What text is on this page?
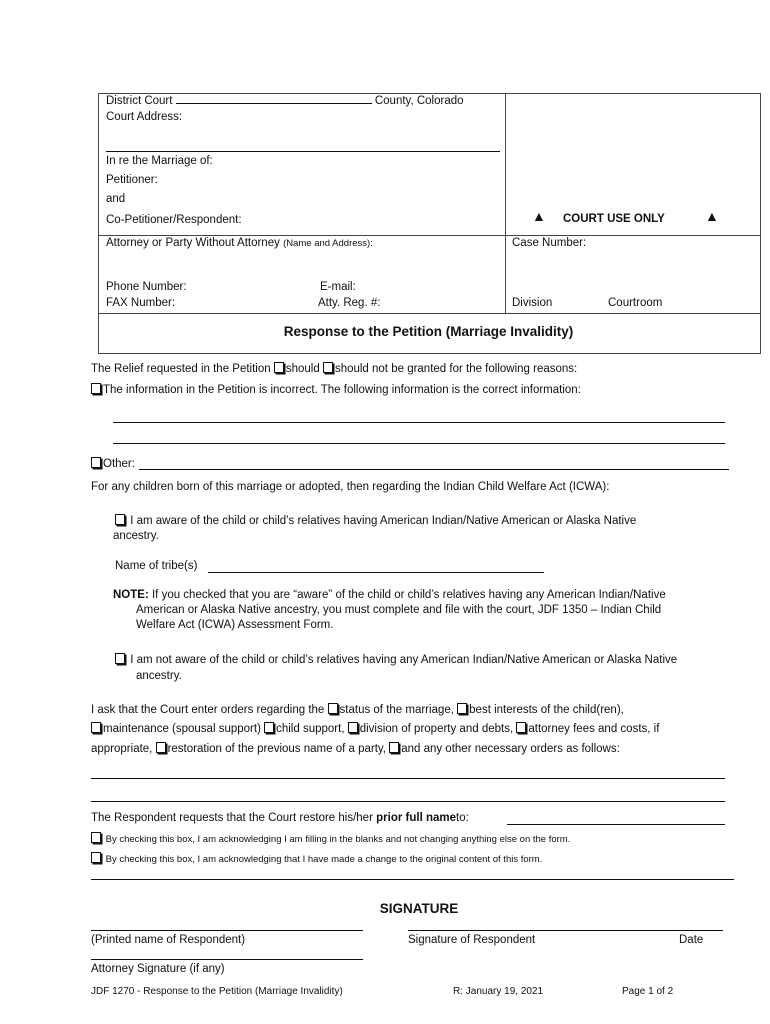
District Court	County, Colorado
Court Address:
In re the Marriage of:
Petitioner:
and
Co-Petitioner/Respondent:	▲ COURT USE ONLY	▲
Attorney or Party Without Attorney (Name and Address):	Case Number:
Phone Number:	E-mail:
FAX Number:	Atty. Reg. #:	Division	Courtroom
Response to the Petition (Marriage Invalidity)
The Relief requested in the Petition should should not be granted for the following reasons:
The information in the Petition is incorrect. The following information is the correct information:
Other:
For any children born of this marriage or adopted, then regarding the Indian Child Welfare Act (ICWA):
I am aware of the child or child’s relatives having American Indian/Native American or Alaska Native
ancestry.
Name of tribe(s)
NOTE: If you checked that you are “aware” of the child or child’s relatives having any American Indian/Native
American or Alaska Native ancestry, you must complete and file with the court, JDF 1350 – Indian Child
Welfare Act (ICWA) Assessment Form.
I am not aware of the child or child’s relatives having any American Indian/Native American or Alaska Native
ancestry.
I ask that the Court enter orders regarding the status of the marriage, best interests of the child(ren),
maintenance (spousal support) child support, division of property and debts, attorney fees and costs, if
appropriate, restoration of the previous name of a party, and any other necessary orders as follows:
The Respondent requests that the Court restore his/her prior full nameto:
By checking this box, I am acknowledging I am filling in the blanks and not changing anything else on the form.
By checking this box, I am acknowledging that I have made a change to the original content of this form.
SIGNATURE
(Printed name of Respondent)	Signature of Respondent	Date
Attorney Signature (if any)
JDF 1270 - Response to the Petition (Marriage Invalidity)	R: January 19, 2021	Page 1 of 2
